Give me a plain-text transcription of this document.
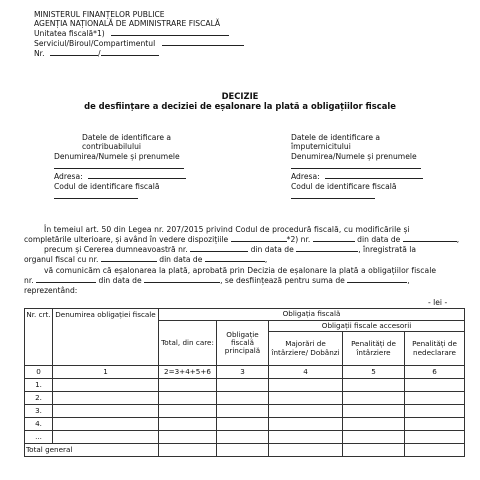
MINISTERUL FINANȚELOR PUBLICE
AGENȚIA NAȚIONALĂ DE ADMINISTRARE FISCALĂ
Unitatea fiscală*1)
Serviciul/Biroul/Compartimentul
Nr.	/
DECIZIE
de desființare a deciziei de eșalonare la plată a obligațiilor fiscale
Datele de identificare a
contribuabilului
Denumirea/Numele și prenumele
Adresa:
Codul de identificare fiscală
Datele de identificare a
împuternicitului
Denumirea/Numele și prenumele
Adresa:
Codul de identificare fiscală
În temeiul art. 50 din Legea nr. 207/2015 privind Codul de procedură fiscală, cu modificările și
completările ulterioare, și având în vedere dispozițiile	*2) nr.	din data de	,
precum și Cererea dumneavoastră nr.	din data de	, înregistrată la
organul fiscal cu nr.	din data de	,
vă comunicăm că eșalonarea la plată, aprobată prin Decizia de eșalonare la plată a obligațiilor fiscale
nr.	din data de	, se desființează pentru suma de	,
reprezentând:
- lei -
Nr. crt.	Denumirea obligației fiscale	Obligația fiscală				
		Total, din care:	Obligație fiscală principală	Obligații fiscale accesorii		
				Majorări de întârziere/ Dobânzi	Penalități de întârziere	Penalități de nedeclarare
0	1	2=3+4+5+6	3	4	5	6
1.						
2.						
3.						
4.						
...						
Total general						
